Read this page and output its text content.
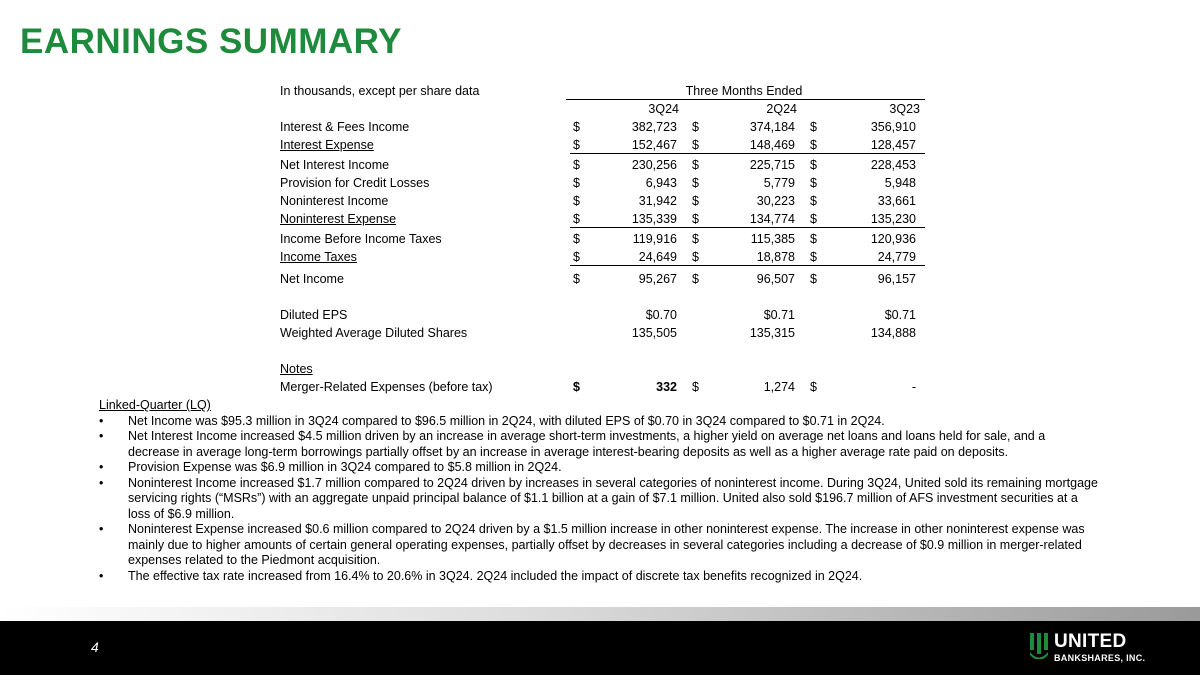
EARNINGS SUMMARY
In thousands, except per share data	Three Months Ended
3Q24	2Q24	3Q23
Interest & Fees Income	$	382,723 $	374,184 $	356,910
Interest Expense	$	152,467 $	148,469 $	128,457
Net Interest Income	$	230,256 $	225,715 $	228,453
Provision for Credit Losses	$	6,943 $	5,779 $	5,948
Noninterest Income	$	31,942 $	30,223 $	33,661
Noninterest Expense	$	135,339 $	134,774 $	135,230
Income Before Income Taxes	$	119,916 $	115,385 $	120,936
Income Taxes	$	24,649 $	18,878 $	24,779
Net Income	$	95,267 $	96,507 $	96,157
Diluted EPS	$0.70	$0.71	$0.71
Weighted Average Diluted Shares	135,505	135,315	134,888
Notes
Merger-Related Expenses (before tax)	$	332 $	1,274 $	-
Linked-Quarter (LQ)
• Net Income was $95.3 million in 3Q24 compared to $96.5 million in 2Q24, with diluted EPS of $0.70 in 3Q24 compared to $0.71 in 2Q24.
• Net Interest Income increased $4.5 million driven by an increase in average short-term investments, a higher yield on average net loans and loans held for sale, and a decrease in average long-term borrowings partially offset by an increase in average interest-bearing deposits as well as a higher average rate paid on deposits.
• Provision Expense was $6.9 million in 3Q24 compared to $5.8 million in 2Q24.
• Noninterest Income increased $1.7 million compared to 2Q24 driven by increases in several categories of noninterest income. During 3Q24, United sold its remaining mortgage servicing rights (“MSRs”) with an aggregate unpaid principal balance of $1.1 billion at a gain of $7.1 million. United also sold $196.7 million of AFS investment securities at a loss of $6.9 million.
• Noninterest Expense increased $0.6 million compared to 2Q24 driven by a $1.5 million increase in other noninterest expense. The increase in other noninterest expense was mainly due to higher amounts of certain general operating expenses, partially offset by decreases in several categories including a decrease of $0.9 million in merger-related expenses related to the Piedmont acquisition.
• The effective tax rate increased from 16.4% to 20.6% in 3Q24. 2Q24 included the impact of discrete tax benefits recognized in 2Q24.
4	UNITED
BANKSHARES, INC.
